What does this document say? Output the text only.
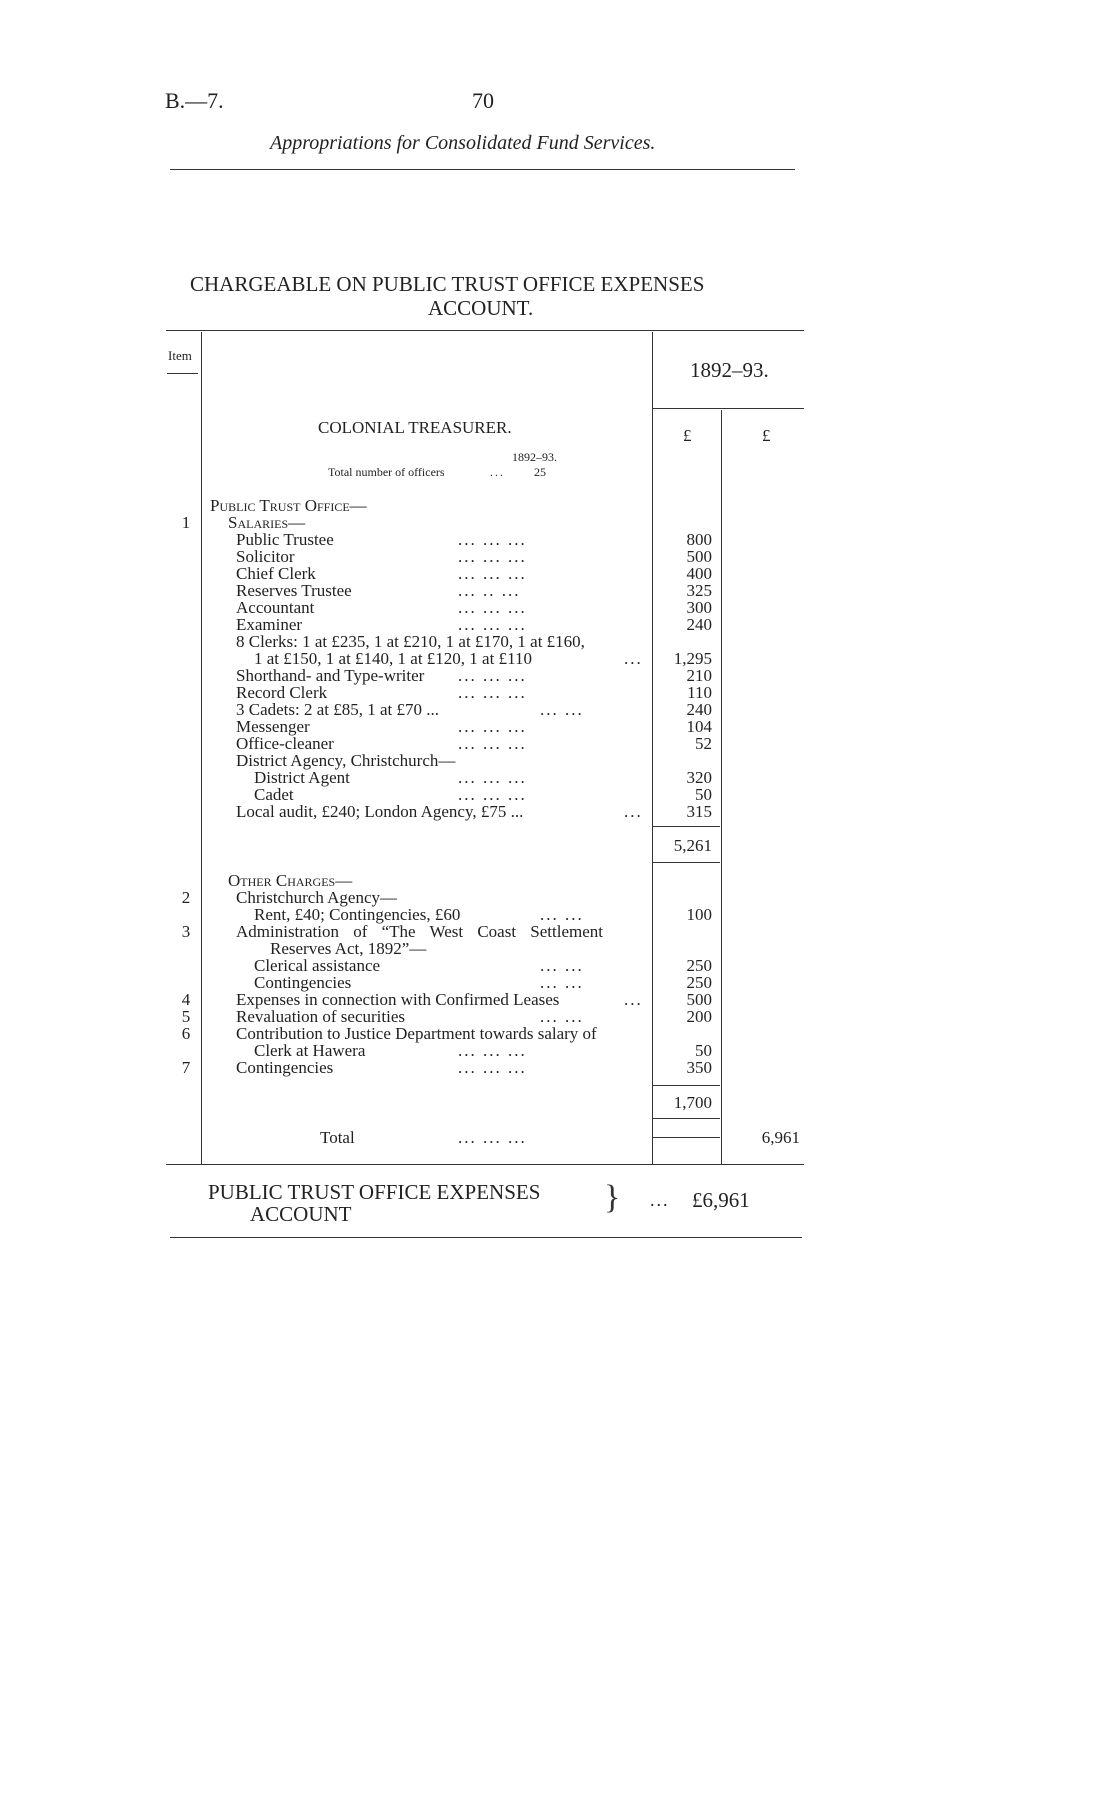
B.—7.	70
Appropriations for Consolidated Fund Services.
CHARGEABLE ON PUBLIC TRUST OFFICE EXPENSES
ACCOUNT.
Item
1892–93.
£	£
COLONIAL TREASURER.
1892–93.
Total number of officers	... 25
Public Trust Office—
1	Salaries—
Public Trustee	... ... ...	800
Solicitor	... ... ...	500
Chief Clerk	... ... ...	400
Reserves Trustee	... .. ...	325
Accountant	... ... ...	300
Examiner	... ... ...	240
8 Clerks: 1 at £235, 1 at £210, 1 at £170, 1 at £160,
1 at £150, 1 at £140, 1 at £120, 1 at £110	...	1,295
Shorthand- and Type-writer ... ... ...	210
Record Clerk	... ... ...	110
3 Cadets: 2 at £85, 1 at £70 ...	... ...	240
Messenger	... ... ...	104
Office-cleaner	... ... ...	52
District Agency, Christchurch—
District Agent	... ... ...	320
Cadet	... ... ...	50
Local audit, £240; London Agency, £75 ...	...	315
5,261
Other Charges—
2	Christchurch Agency—
Rent, £40; Contingencies, £60	... ...	100
3	Administration of “The West Coast Settlement
Reserves Act, 1892”—
Clerical assistance	... ...	250
Contingencies	... ...	250
4	Expenses in connection with Confirmed Leases	...	500
5	Revaluation of securities	... ...	200
6	Contribution to Justice Department towards salary of
Clerk at Hawera	... ... ...	50
7	Contingencies	... ... ...	350
1,700
Total	... ... ...	6,961
PUBLIC TRUST OFFICE EXPENSES
ACCOUNT	} ... £6,961
